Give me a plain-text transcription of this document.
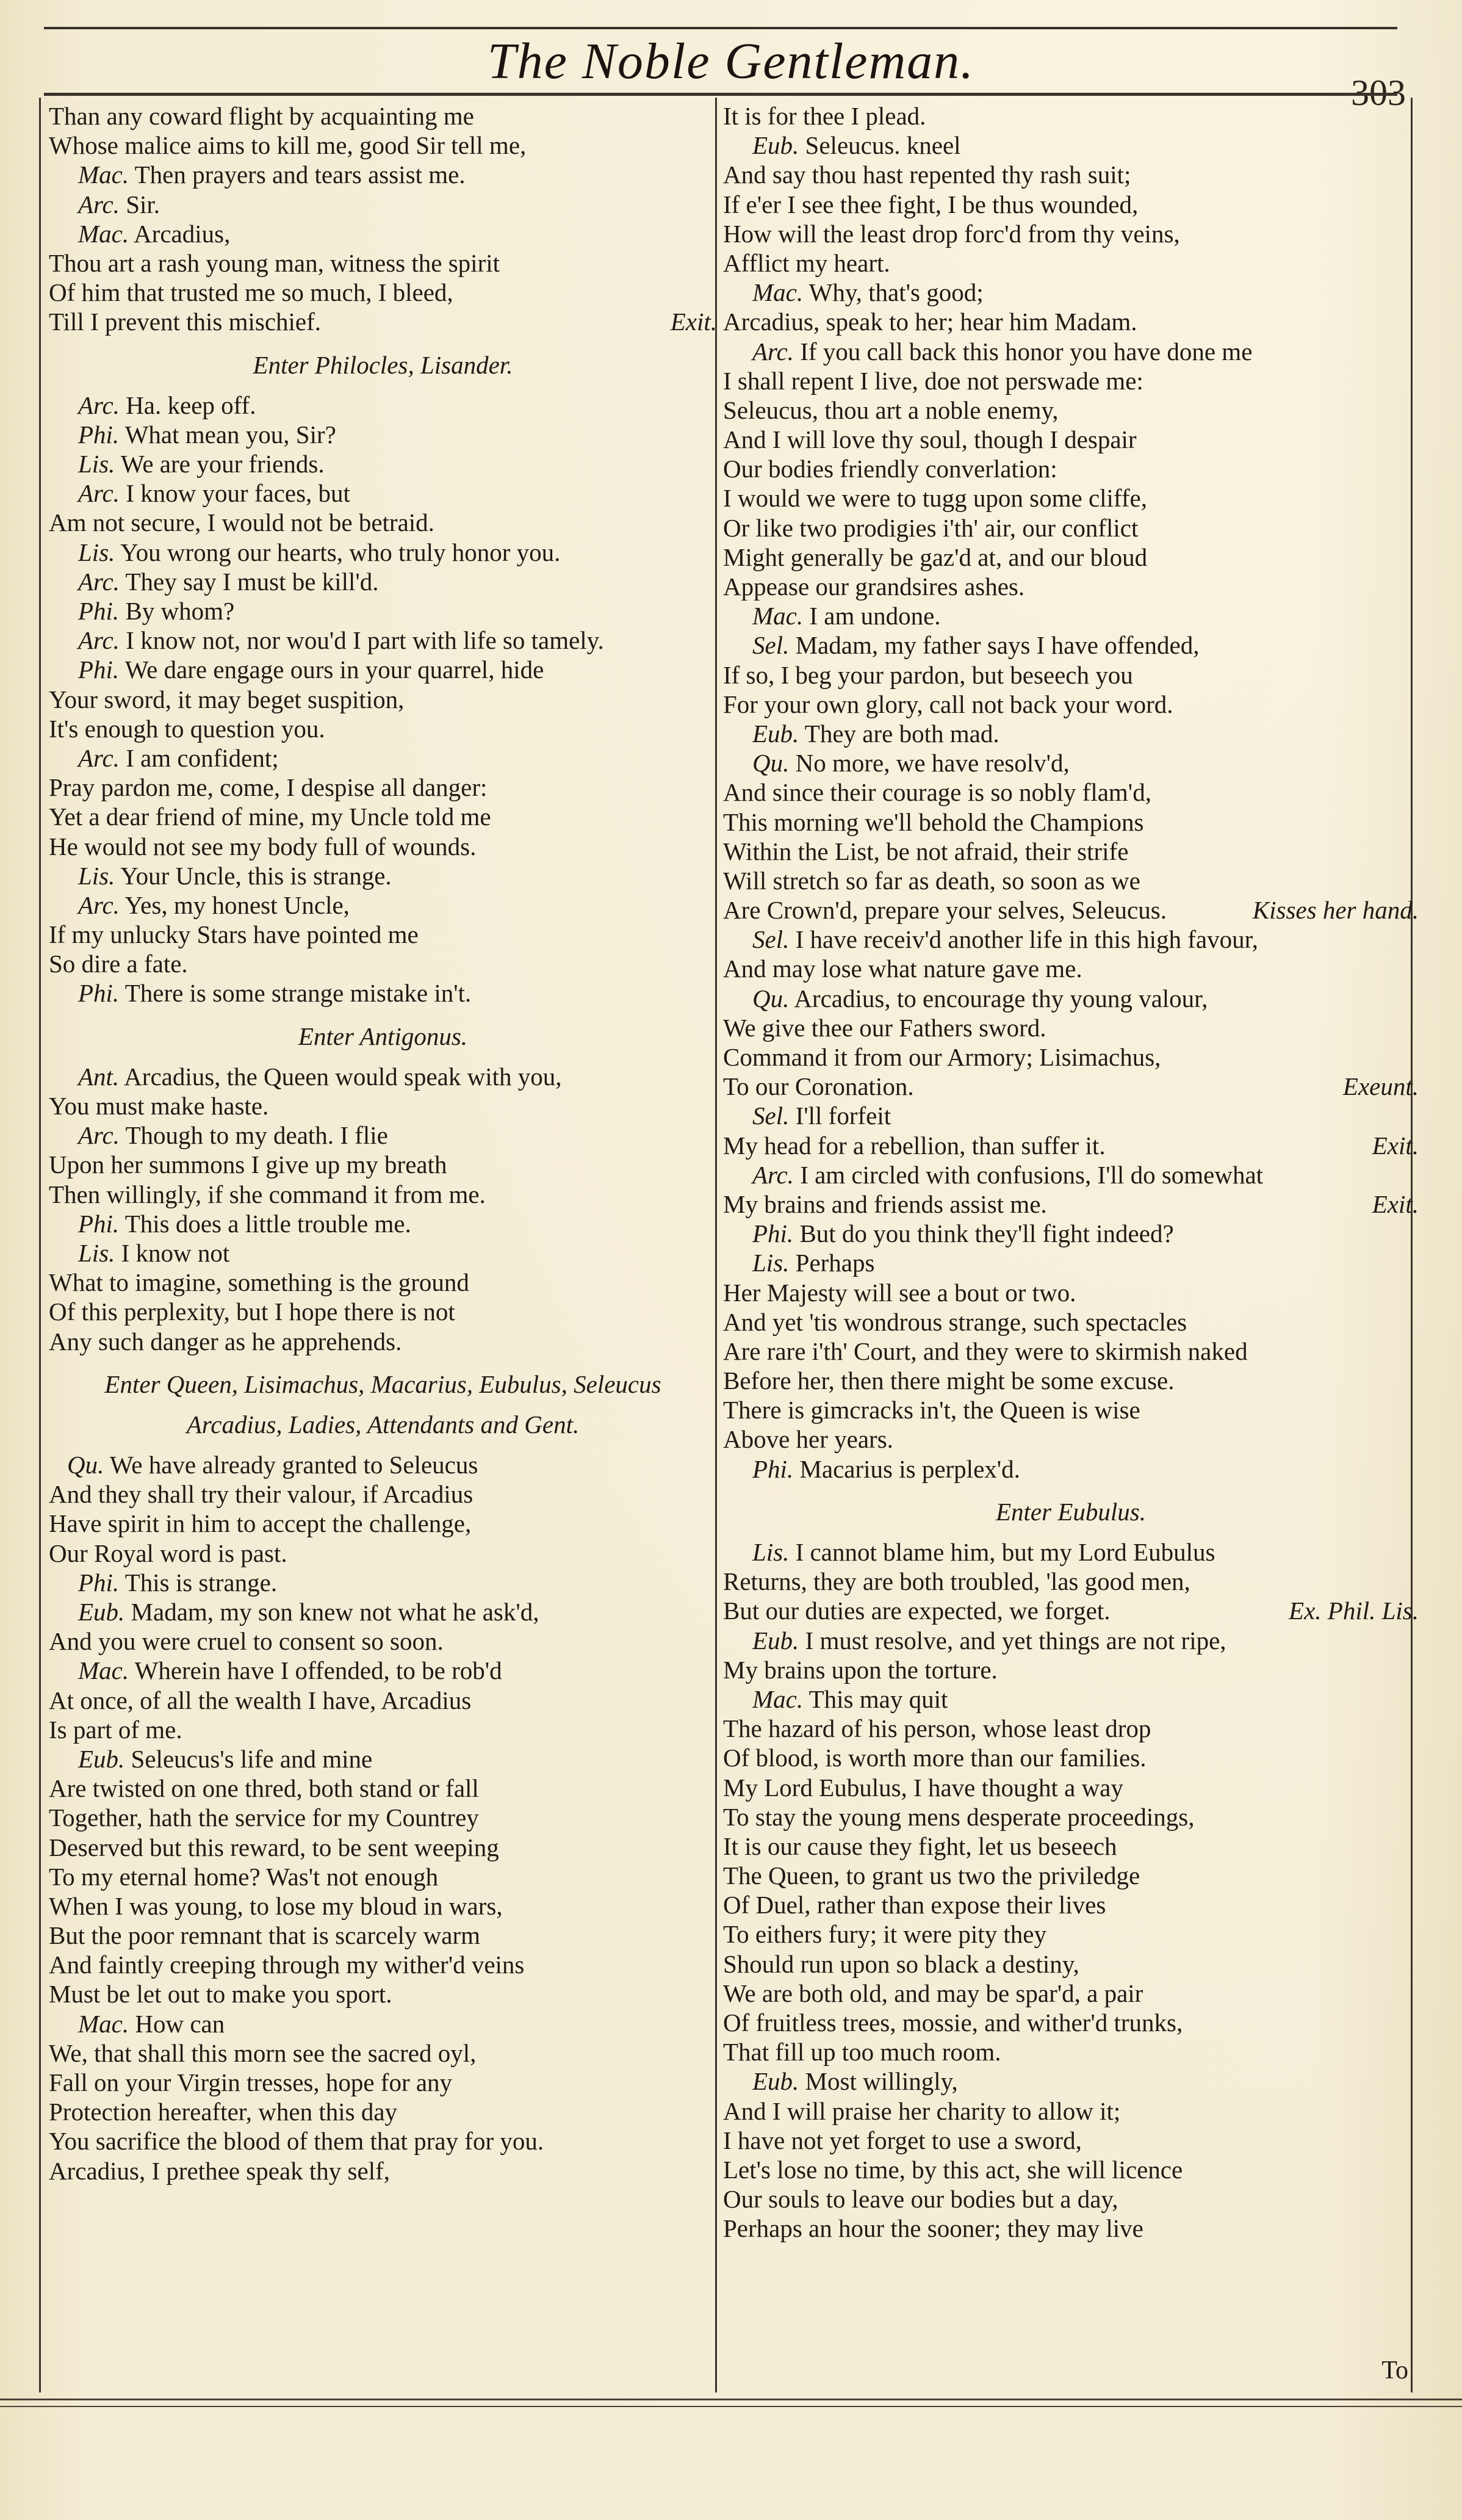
The Noble Gentleman.
303
Than any coward flight by acquainting me
Whose malice aims to kill me, good Sir tell me,
Mac. Then prayers and tears assist me.
Arc. Sir.
Mac. Arcadius,
Thou art a rash young man, witness the spirit
Of him that trusted me so much, I bleed,
Till I prevent this mischief.	Exit.
Enter Philocles, Lisander.
Arc. Ha. keep off.
Phi. What mean you, Sir?
Lis. We are your friends.
Arc. I know your faces, but
Am not secure, I would not be betraid.
Lis. You wrong our hearts, who truly honor you.
Arc. They say I must be kill'd.
Phi. By whom?
Arc. I know not, nor wou'd I part with life so tamely.
Phi. We dare engage ours in your quarrel, hide
Your sword, it may beget suspition,
It's enough to question you.
Arc. I am confident;
Pray pardon me, come, I despise all danger:
Yet a dear friend of mine, my Uncle told me
He would not see my body full of wounds.
Lis. Your Uncle, this is strange.
Arc. Yes, my honest Uncle,
If my unlucky Stars have pointed me
So dire a fate.
Phi. There is some strange mistake in't.
Enter Antigonus.
Ant. Arcadius, the Queen would speak with you,
You must make haste.
Arc. Though to my death. I flie
Upon her summons I give up my breath
Then willingly, if she command it from me.
Phi. This does a little trouble me.
Lis. I know not
What to imagine, something is the ground
Of this perplexity, but I hope there is not
Any such danger as he apprehends.
Enter Queen, Lisimachus, Macarius, Eubulus, Seleucus
Arcadius, Ladies, Attendants and Gent.
Qu. We have already granted to Seleucus
And they shall try their valour, if Arcadius
Have spirit in him to accept the challenge,
Our Royal word is past.
Phi. This is strange.
Eub. Madam, my son knew not what he ask'd,
And you were cruel to consent so soon.
Mac. Wherein have I offended, to be rob'd
At once, of all the wealth I have, Arcadius
Is part of me.
Eub. Seleucus's life and mine
Are twisted on one thred, both stand or fall
Together, hath the service for my Countrey
Deserved but this reward, to be sent weeping
To my eternal home? Was't not enough
When I was young, to lose my bloud in wars,
But the poor remnant that is scarcely warm
And faintly creeping through my wither'd veins
Must be let out to make you sport.
Mac. How can
We, that shall this morn see the sacred oyl,
Fall on your Virgin tresses, hope for any
Protection hereafter, when this day
You sacrifice the blood of them that pray for you.
Arcadius, I prethee speak thy self,
It is for thee I plead.
Eub. Seleucus. kneel
And say thou hast repented thy rash suit;
If e'er I see thee fight, I be thus wounded,
How will the least drop forc'd from thy veins,
Afflict my heart.
Mac. Why, that's good;
Arcadius, speak to her; hear him Madam.
Arc. If you call back this honor you have done me
I shall repent I live, doe not perswade me:
Seleucus, thou art a noble enemy,
And I will love thy soul, though I despair
Our bodies friendly converlation:
I would we were to tugg upon some cliffe,
Or like two prodigies i'th' air, our conflict
Might generally be gaz'd at, and our bloud
Appease our grandsires ashes.
Mac. I am undone.
Sel. Madam, my father says I have offended,
If so, I beg your pardon, but beseech you
For your own glory, call not back your word.
Eub. They are both mad.
Qu. No more, we have resolv'd,
And since their courage is so nobly flam'd,
This morning we'll behold the Champions
Within the List, be not afraid, their strife
Will stretch so far as death, so soon as we
Are Crown'd, prepare your selves, Seleucus.	Kisses her hand.
Sel. I have receiv'd another life in this high favour,
And may lose what nature gave me.
Qu. Arcadius, to encourage thy young valour,
We give thee our Fathers sword.
Command it from our Armory; Lisimachus,
To our Coronation.	Exeunt.
Sel. I'll forfeit
My head for a rebellion, than suffer it.	Exit.
Arc. I am circled with confusions, I'll do somewhat
My brains and friends assist me.	Exit.
Phi. But do you think they'll fight indeed?
Lis. Perhaps
Her Majesty will see a bout or two.
And yet 'tis wondrous strange, such spectacles
Are rare i'th' Court, and they were to skirmish naked
Before her, then there might be some excuse.
There is gimcracks in't, the Queen is wise
Above her years.
Phi. Macarius is perplex'd.
Enter Eubulus.
Lis. I cannot blame him, but my Lord Eubulus
Returns, they are both troubled, 'las good men,
But our duties are expected, we forget.	Ex. Phil. Lis.
Eub. I must resolve, and yet things are not ripe,
My brains upon the torture.
Mac. This may quit
The hazard of his person, whose least drop
Of blood, is worth more than our families.
My Lord Eubulus, I have thought a way
To stay the young mens desperate proceedings,
It is our cause they fight, let us beseech
The Queen, to grant us two the priviledge
Of Duel, rather than expose their lives
To eithers fury; it were pity they
Should run upon so black a destiny,
We are both old, and may be spar'd, a pair
Of fruitless trees, mossie, and wither'd trunks,
That fill up too much room.
Eub. Most willingly,
And I will praise her charity to allow it;
I have not yet forget to use a sword,
Let's lose no time, by this act, she will licence
Our souls to leave our bodies but a day,
Perhaps an hour the sooner; they may live
To
